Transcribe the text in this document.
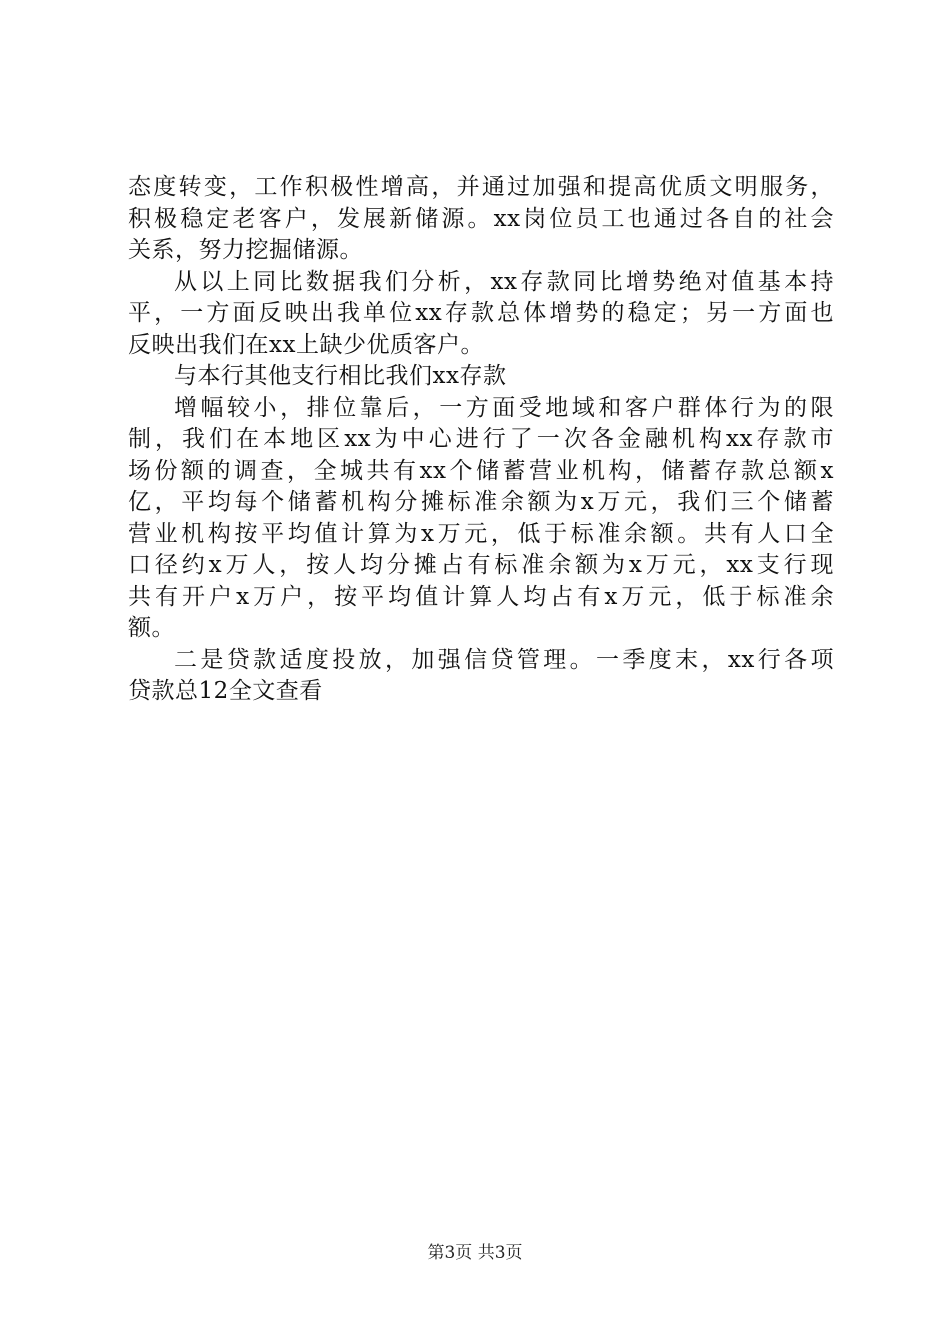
态度转变，工作积极性增高，并通过加强和提高优质文明服务，
积极稳定老客户，发展新储源。xx岗位员工也通过各自的社会
关系，努力挖掘储源。
从以上同比数据我们分析，xx存款同比增势绝对值基本持
平，一方面反映出我单位xx存款总体增势的稳定；另一方面也
反映出我们在xx上缺少优质客户。
与本行其他支行相比我们xx存款
增幅较小，排位靠后，一方面受地域和客户群体行为的限
制，我们在本地区xx为中心进行了一次各金融机构xx存款市
场份额的调查，全城共有xx个储蓄营业机构，储蓄存款总额x
亿，平均每个储蓄机构分摊标准余额为x万元，我们三个储蓄
营业机构按平均值计算为x万元，低于标准余额。共有人口全
口径约x万人，按人均分摊占有标准余额为x万元，xx支行现
共有开户x万户，按平均值计算人均占有x万元，低于标准余
额。
二是贷款适度投放，加强信贷管理。一季度末，xx行各项
贷款总12全文查看
第3页 共3页
